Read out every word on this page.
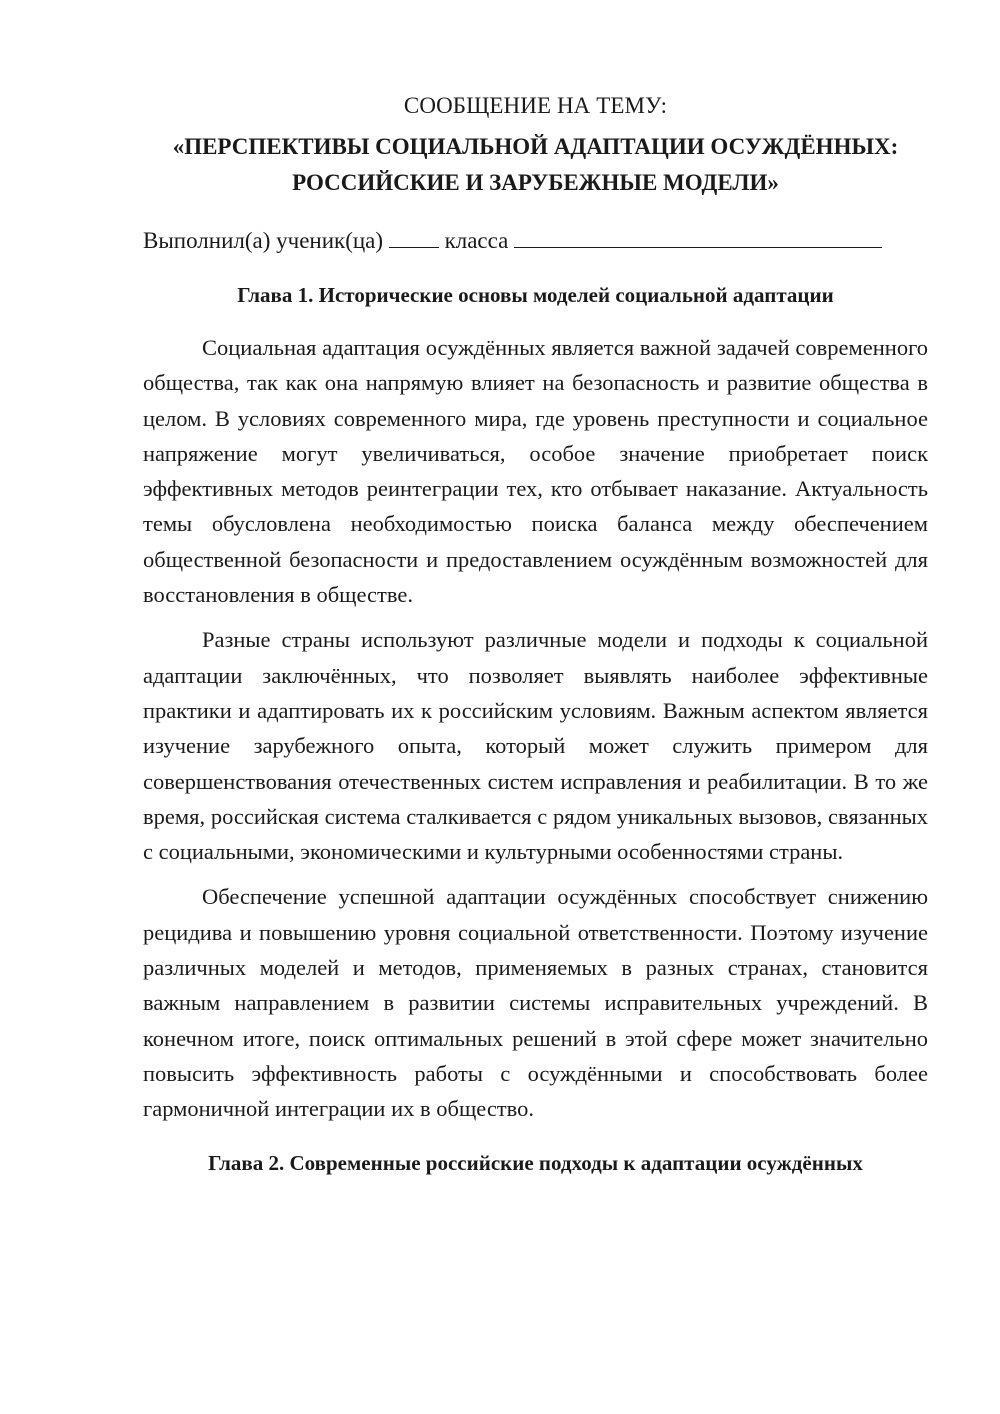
СООБЩЕНИЕ НА ТЕМУ:

«ПЕРСПЕКТИВЫ СОЦИАЛЬНОЙ АДАПТАЦИИ ОСУЖДЁННЫХ:
РОССИЙСКИЕ И ЗАРУБЕЖНЫЕ МОДЕЛИ»

Выполнил(а) ученик(ца)	класса

Глава 1. Исторические основы моделей социальной адаптации

Социальная адаптация осуждённых является важной задачей современного общества, так как она напрямую влияет на безопасность и развитие общества в целом. В условиях современного мира, где уровень преступности и социальное напряжение могут увеличиваться, особое значение приобретает поиск эффективных методов реинтеграции тех, кто отбывает наказание. Актуальность темы обусловлена необходимостью поиска баланса между обеспечением общественной безопасности и предоставлением осуждённым возможностей для восстановления в обществе.

Разные страны используют различные модели и подходы к социальной адаптации заключённых, что позволяет выявлять наиболее эффективные практики и адаптировать их к российским условиям. Важным аспектом является изучение зарубежного опыта, который может служить примером для совершенствования отечественных систем исправления и реабилитации. В то же время, российская система сталкивается с рядом уникальных вызовов, связанных с социальными, экономическими и культурными особенностями страны.

Обеспечение успешной адаптации осуждённых способствует снижению рецидива и повышению уровня социальной ответственности. Поэтому изучение различных моделей и методов, применяемых в разных странах, становится важным направлением в развитии системы исправительных учреждений. В конечном итоге, поиск оптимальных решений в этой сфере может значительно повысить эффективность работы с осуждёнными и способствовать более гармоничной интеграции их в общество.

Глава 2. Современные российские подходы к адаптации осуждённых
